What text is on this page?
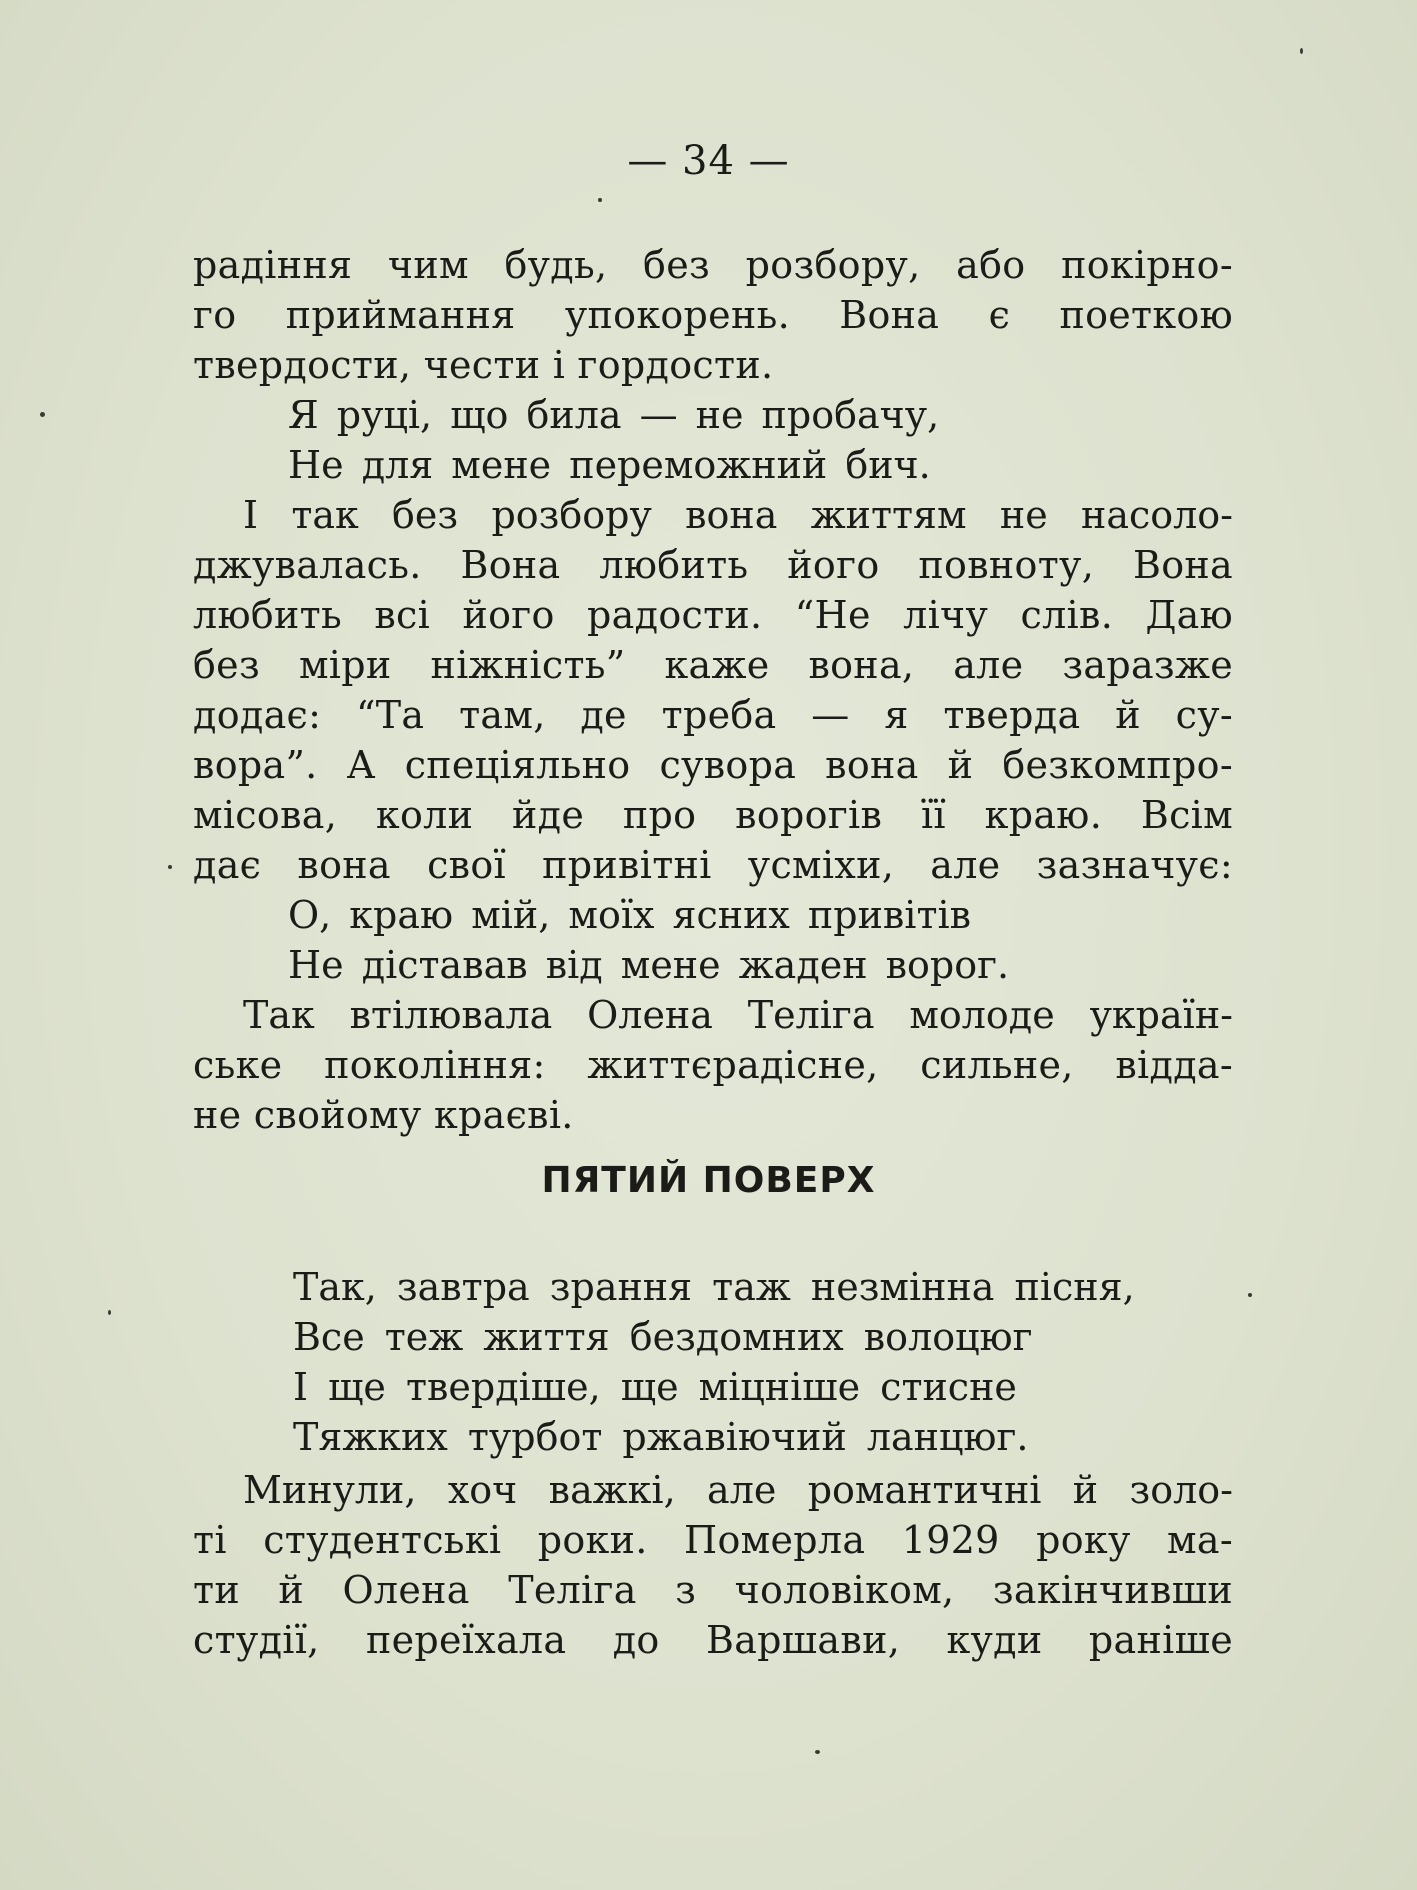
— 34 —
радіння чим будь, без розбору, або покірно-
го приймання упокорень. Вона є поеткою
твердости, чести і гордости.
Я руці, що била — не пробачу,
Не для мене переможний бич.
І так без розбору вона життям не насоло-
джувалась. Вона любить його повноту, Вона
любить всі його радости. “Не лічу слів. Даю
без міри ніжність” каже вона, але заразже
додає: “Та там, де треба — я тверда й су-
вора”. А спеціяльно сувора вона й безкомпро-
місова, коли йде про ворогів її краю. Всім
дає вона свої привітні усміхи, але зазначує:
О, краю мій, моїх ясних привітів
Не діставав від мене жаден ворог.
Так втілювала Олена Теліга молоде україн-
ське покоління: життєрадісне, сильне, відда-
не свойому краєві.
ПЯТИЙ ПОВЕРХ
Так, завтра зрання таж незмінна пісня,
Все теж життя бездомних волоцюг
І ще твердіше, ще міцніше стисне
Тяжких турбот ржавіючий ланцюг.
Минули, хоч важкі, але романтичні й золо-
ті студентські роки. Померла 1929 року ма-
ти й Олена Теліга з чоловіком, закінчивши
студії, переїхала до Варшави, куди раніше
